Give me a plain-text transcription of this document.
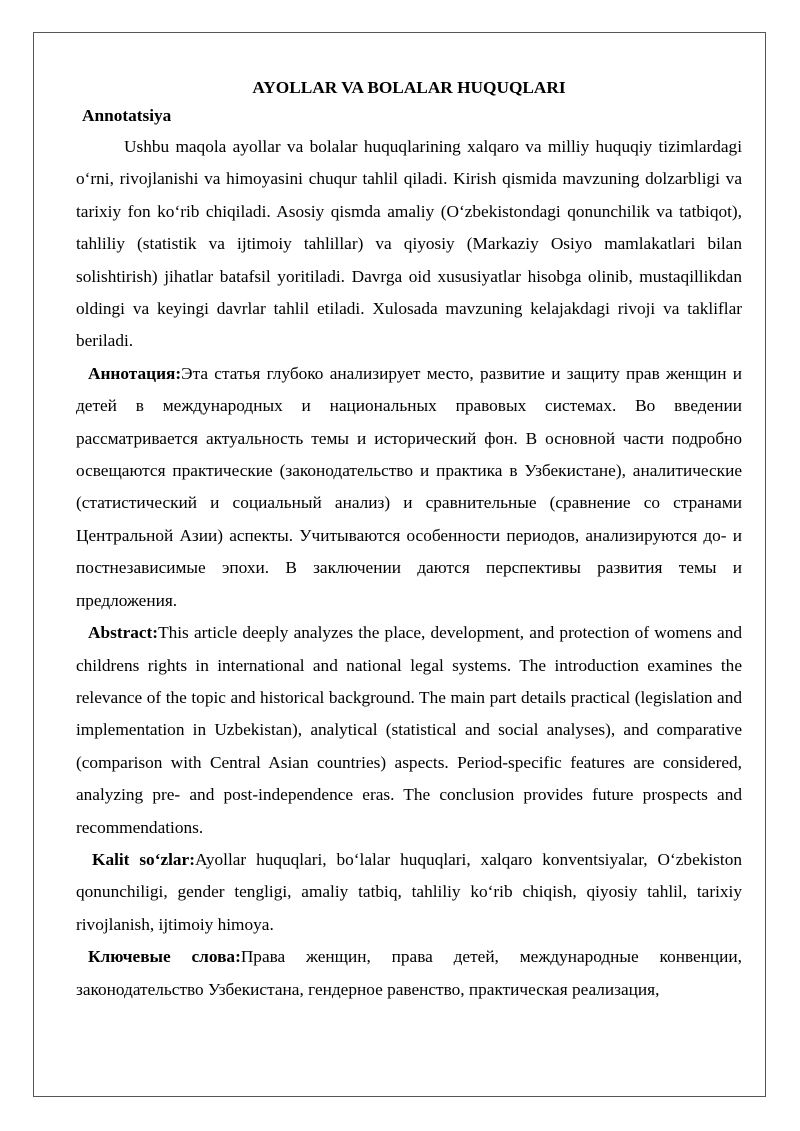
AYOLLAR VA BOLALAR HUQUQLARI
Annotatsiya

Ushbu maqola ayollar va bolalar huquqlarining xalqaro va milliy huquqiy tizimlardagi o‘rni, rivojlanishi va himoyasini chuqur tahlil qiladi. Kirish qismida mavzuning dolzarbligi va tarixiy fon ko‘rib chiqiladi. Asosiy qismda amaliy (O‘zbekistondagi qonunchilik va tatbiqot), tahliliy (statistik va ijtimoiy tahlillar) va qiyosiy (Markaziy Osiyo mamlakatlari bilan solishtirish) jihatlar batafsil yoritiladi. Davrga oid xususiyatlar hisobga olinib, mustaqillikdan oldingi va keyingi davrlar tahlil etiladi. Xulosada mavzuning kelajakdagi rivoji va takliflar beriladi.

Аннотация:Эта статья глубоко анализирует место, развитие и защиту прав женщин и детей в международных и национальных правовых системах. Во введении рассматривается актуальность темы и исторический фон. В основной части подробно освещаются практические (законодательство и практика в Узбекистане), аналитические (статистический и социальный анализ) и сравнительные (сравнение со странами Центральной Азии) аспекты. Учитываются особенности периодов, анализируются до- и постнезависимые эпохи. В заключении даются перспективы развития темы и предложения.

Abstract:This article deeply analyzes the place, development, and protection of womens and childrens rights in international and national legal systems. The introduction examines the relevance of the topic and historical background. The main part details practical (legislation and implementation in Uzbekistan), analytical (statistical and social analyses), and comparative (comparison with Central Asian countries) aspects. Period-specific features are considered, analyzing pre- and post-independence eras. The conclusion provides future prospects and recommendations.

Kalit so‘zlar:Ayollar huquqlari, bo‘lalar huquqlari, xalqaro konventsiyalar, O‘zbekiston qonunchiligi, gender tengligi, amaliy tatbiq, tahliliy ko‘rib chiqish, qiyosiy tahlil, tarixiy rivojlanish, ijtimoiy himoya.

Ключевые слова:Права женщин, права детей, международные конвенции, законодательство Узбекистана, гендерное равенство, практическая реализация,
